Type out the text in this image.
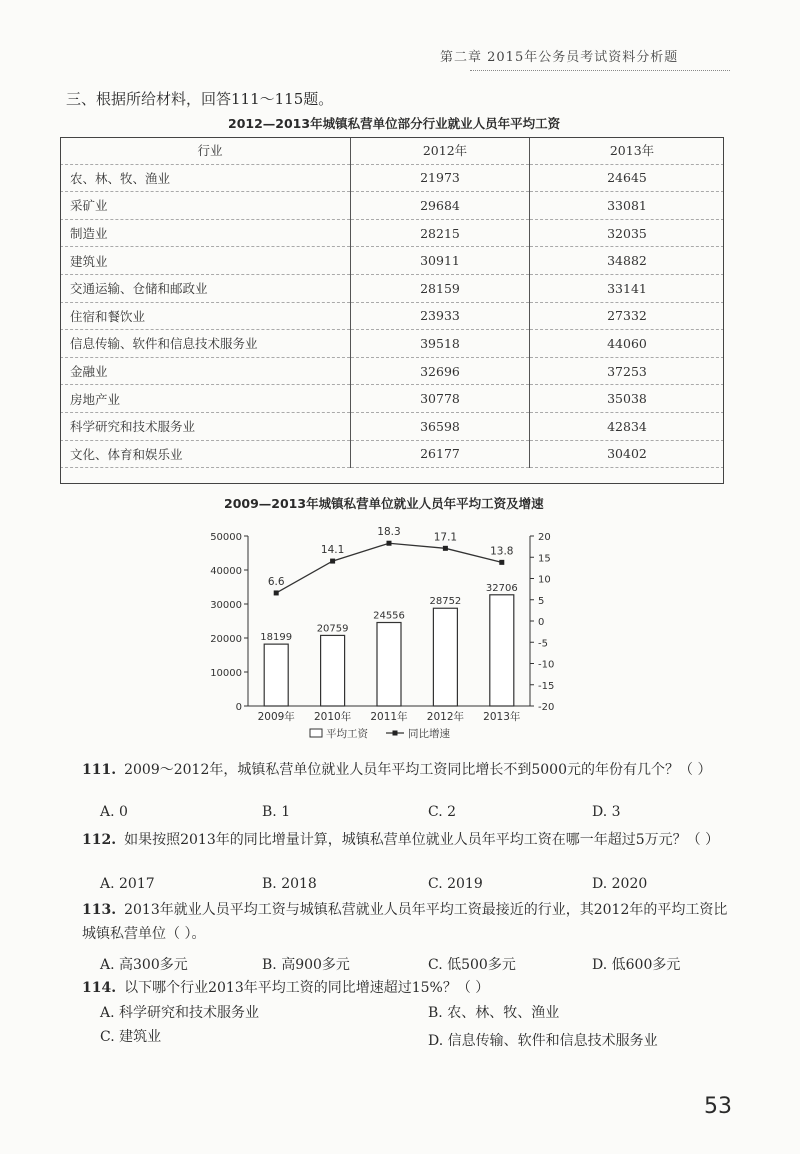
第二章 2015年公务员考试资料分析题
三、根据所给材料，回答111～115题。
2012—2013年城镇私营单位部分行业就业人员年平均工资
行业	2012年	2013年
农、林、牧、渔业	21973	24645
采矿业	29684	33081
制造业	28215	32035
建筑业	30911	34882
交通运输、仓储和邮政业	28159	33141
住宿和餐饮业	23933	27332
信息传输、软件和信息技术服务业	39518	44060
金融业	32696	37253
房地产业	30778	35038
科学研究和技术服务业	36598	42834
文化、体育和娱乐业	26177	30402
2009—2013年城镇私营单位就业人员年平均工资及增速
0
10000
20000
30000
40000
50000
-20
-15
-10
-5
0
5
10
15
20
18199
2009年
20759
2010年
24556
2011年
28752
2012年
32706
2013年
6.6
14.1
18.3	17.1
13.8
平均工资	同比增速
111. 2009～2012年，城镇私营单位就业人员年平均工资同比增长不到5000元的年份有几个？（ ）
A. 0	B. 1	C. 2	D. 3
112. 如果按照2013年的同比增量计算，城镇私营单位就业人员年平均工资在哪一年超过5万元？（ ）
A. 2017	B. 2018	C. 2019	D. 2020
113. 2013年就业人员平均工资与城镇私营就业人员年平均工资最接近的行业，其2012年的平均工资比城镇私营单位（ ）。
A. 高300多元	B. 高900多元	C. 低500多元	D. 低600多元
114. 以下哪个行业2013年平均工资的同比增速超过15%？（ ）
A. 科学研究和技术服务业	B. 农、林、牧、渔业
C. 建筑业	D. 信息传输、软件和信息技术服务业
53
